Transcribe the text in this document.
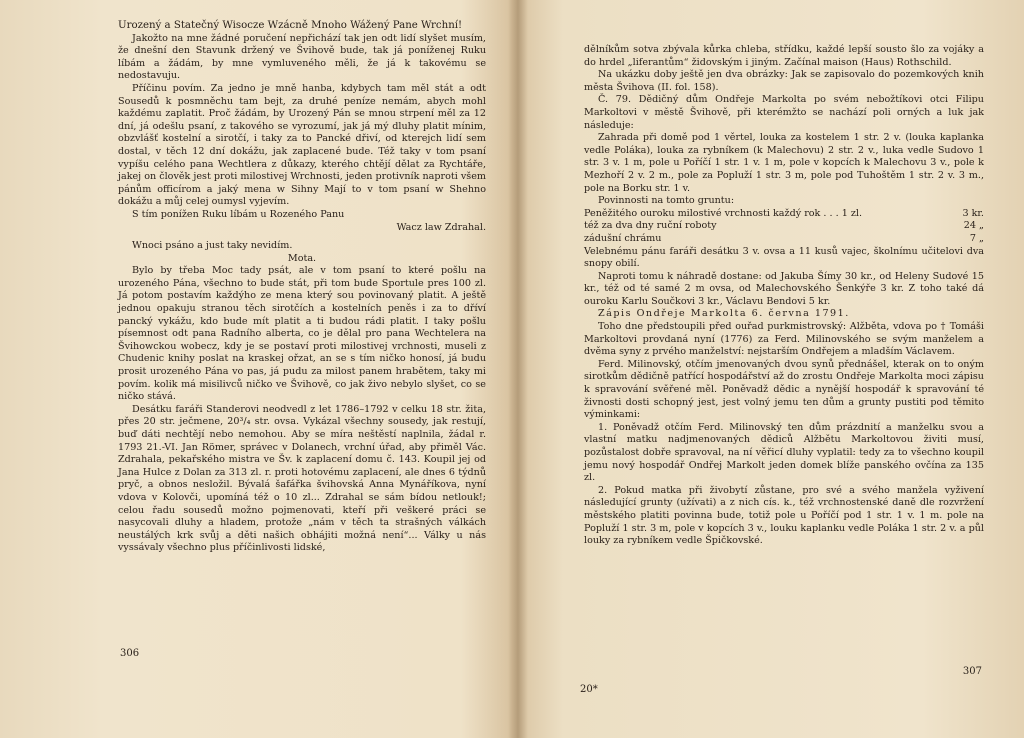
Urozený a Statečný Wisocze Wzácně Mnoho Wážený Pane Wrchní!

Jakožto na mne žádné poručení nepřichází tak jen odt lidí slyšet musím, že dnešní den Stavunk držený ve Švihově bude, tak já poníženej Ruku líbám a žádám, by mne vymluveného měli, že já k takovému se nedostavuju.

Příčinu povím. Za jedno je mně hanba, kdybych tam měl stát a odt Sousedů k posmněchu tam bejt, za druhé peníze nemám, abych mohl každému zaplatit. Proč žádám, by Urozený Pán se mnou strpení měl za 12 dní, já odešlu psaní, z takového se vyrozumí, jak já mý dluhy platit mínim, obzvlášť kostelní a sirotčí, i taky za to Pancké dřiví, od kterejch lidí sem dostal, v těch 12 dní dokážu, jak zaplacené bude. Též taky v tom psaní vypíšu celého pana Wechtlera z důkazy, kterého chtějí dělat za Rychtáře, jakej on člověk jest proti milostivej Wrchnosti, jeden protivník naproti všem pánům officírom a jaký mena w Sihny Mají to v tom psaní w Shehno dokážu a můj celej oumysl vyjevím.

S tím ponížen Ruku líbám u Rozeného Panu

Wacz law Zdrahal.

Wnoci psáno a just taky nevidím.

Mota.

Bylo by třeba Moc tady psát, ale v tom psaní to které pošlu na urozeného Pána, všechno to bude stát, při tom bude Sportule pres 100 zl. Já potom postavím každýho ze mena který sou povinovaný platit. A ještě jednou opakuju stranou těch sirotčích a kostelních peněs i za to dříví pancký vykážu, kdo bude mít platit a ti budou rádi platit. I taky pošlu písemnost odt pana Radního alberta, co je dělal pro pana Wechtelera na Švihowckou wobecz, kdy je se postaví proti milostivej vrchnosti, museli z Chudenic knihy poslat na kraskej ořzat, an se s tím ničko honosí, já budu prosit urozeného Pána vo pas, já pudu za milost panem hrabětem, taky mi povím. kolik má misilivců ničko ve Švihově, co jak živo nebylo slyšet, co se ničko stává.

Desátku faráři Standerovi neodvedl z let 1786–1792 v celku 18 str. žita, přes 20 str. ječmene, 20³/₄ str. ovsa. Vykázal všechny sousedy, jak restují, buď dáti nechtějí nebo nemohou. Aby se míra neštěstí naplnila, žádal r. 1793 21.-VI. Jan Römer, správec v Dolanech, vrchní úřad, aby přiměl Vác. Zdrahala, pekařského mistra ve Šv. k zaplacení domu č. 143. Koupil jej od Jana Hulce z Dolan za 313 zl. r. proti hotovému zaplacení, ale dnes 6 týdnů pryč, a obnos nesložil. Bývalá šafářka švihovská Anna Mynáříkova, nyní vdova v Kolovči, upomíná též o 10 zl... Zdrahal se sám bídou netlouk!; celou řadu sousedů možno pojmenovati, kteří při veškeré práci se nasycovali dluhy a hladem, protože „nám v těch ta strašných válkách neustálých krk svůj a děti našich obhájiti možná není“... Války u nás vyssávaly všechno plus příčinlivosti lidské,

306

dělníkům sotva zbývala kůrka chleba, střídku, každé lepší sousto šlo za vojáky a do hrdel „liferantům“ židovským i jiným. Začínal maison (Haus) Rothschild.

Na ukázku doby ještě jen dva obrázky: Jak se zapisovalo do pozemkových knih města Švihova (II. fol. 158).

Č. 79. Dědičný dům Ondřeje Markolta po svém nebožtíkovi otci Filipu Markoltovi v městě Švihově, při kterémžto se nachází poli orných a luk jak následuje:

Zahrada při domě pod 1 věrtel, louka za kostelem 1 str. 2 v. (louka kaplanka vedle Poláka), louka za rybníkem (k Malechovu) 2 str. 2 v., luka vedle Sudovo 1 str. 3 v. 1 m, pole u Poříčí 1 str. 1 v. 1 m, pole v kopcích k Malechovu 3 v., pole k Mezhoří 2 v. 2 m., pole za Popluží 1 str. 3 m, pole pod Tuhoštěm 1 str. 2 v. 3 m., pole na Borku str. 1 v.

Povinnosti na tomto gruntu:

Peněžitého ouroku milostivé vrchnosti každý rok . . . 1 zl.	3 kr.
též za dva dny ruční roboty	24 „
zádušní chrámu	7 „

Velebnému pánu faráři desátku 3 v. ovsa a 11 kusů vajec, školnímu učitelovi dva snopy obilí.

Naproti tomu k náhradě dostane: od Jakuba Šímy 30 kr., od Heleny Sudové 15 kr., též od té samé 2 m ovsa, od Malechovského Šenkýře 3 kr. Z toho také dá ouroku Karlu Součkovi 3 kr., Václavu Bendovi 5 kr.

Zápis Ondřeje Markolta 6. června 1791.

Toho dne předstoupili před ouřad purkmistrovský: Alžběta, vdova po † Tomáši Markoltovi provdaná nyní (1776) za Ferd. Milinovského se svým manželem a dvěma syny z prvého manželství: nejstarším Ondřejem a mladším Václavem.

Ferd. Milinovský, otčím jmenovaných dvou synů přednášel, kterak on to oným sirotkům dědičně patřící hospodářství až do zrostu Ondřeje Markolta moci zápisu k spravování svěřené měl. Poněvadž dědic a nynější hospodář k spravování té živnosti dosti schopný jest, jest volný jemu ten dům a grunty pustiti pod těmito výminkami:

1. Poněvadž otčím Ferd. Milinovský ten dům prázdnití a manželku svou a vlastní matku nadjmenovaných dědiců Alžbětu Markoltovou živiti musí, pozůstalost dobře spravoval, na ní věřicí dluhy vyplatil: tedy za to všechno koupil jemu nový hospodář Ondřej Markolt jeden domek blíže panského ovčína za 135 zl.

2. Pokud matka při živobytí zůstane, pro své a svého manžela vyživení následující grunty (užívati) a z nich cís. k., též vrchnostenské daně dle rozvržení městského platiti povinna bude, totiž pole u Poříčí pod 1 str. 1 v. 1 m. pole na Popluží 1 str. 3 m, pole v kopcích 3 v., louku kaplanku vedle Poláka 1 str. 2 v. a půl louky za rybníkem vedle Špičkovské.

307
20*
